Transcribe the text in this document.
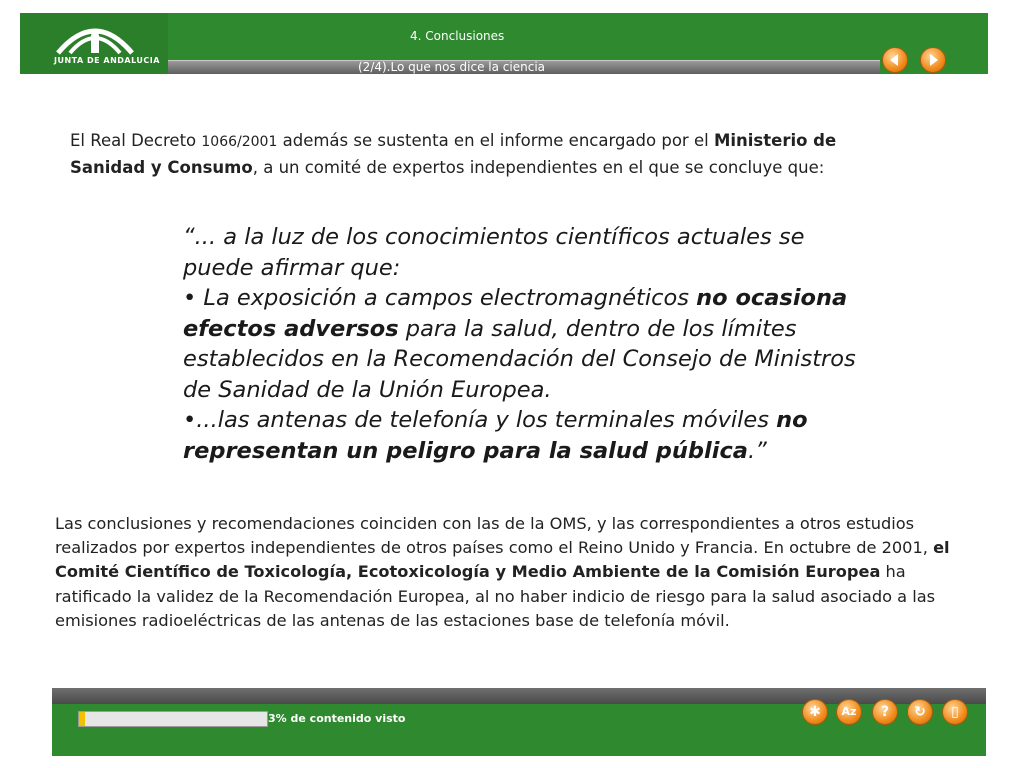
JUNTA DE ANDALUCIA
4. Conclusiones
(2/4).Lo que nos dice la ciencia
El Real Decreto 1066/2001 además se sustenta en el informe encargado por el Ministerio de Sanidad y Consumo, a un comité de expertos independientes en el que se concluye que:

“... a la luz de los conocimientos científicos actuales se puede afirmar que:

• La exposición a campos electromagnéticos no ocasiona efectos adversos para la salud, dentro de los límites establecidos en la Recomendación del Consejo de Ministros de Sanidad de la Unión Europea.

•...las antenas de telefonía y los terminales móviles no representan un peligro para la salud pública.”

Las conclusiones y recomendaciones coinciden con las de la OMS, y las correspondientes a otros estudios realizados por expertos independientes de otros países como el Reino Unido y Francia. En octubre de 2001, el Comité Científico de Toxicología, Ecotoxicología y Medio Ambiente de la Comisión Europea ha ratificado la validez de la Recomendación Europea, al no haber indicio de riesgo para la salud asociado a las emisiones radioeléctricas de las antenas de las estaciones base de telefonía móvil.
3% de contenido visto	✱	Az	?	↻	▯
